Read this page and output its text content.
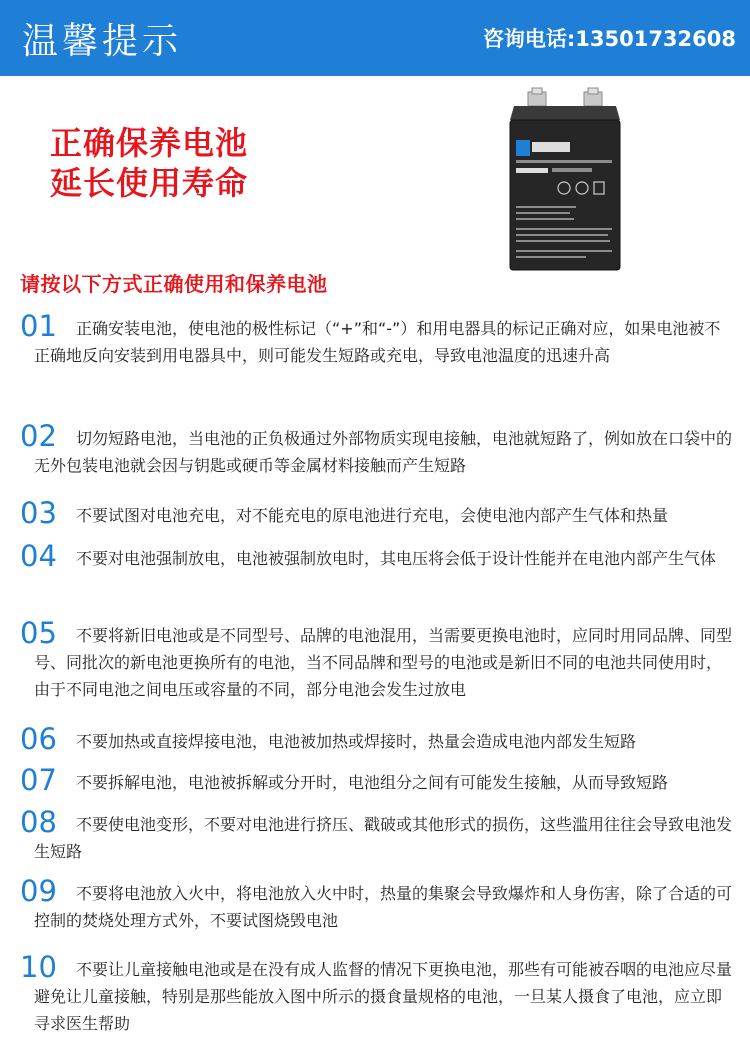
温馨提示	咨询电话:13501732608
正确保养电池
延长使用寿命
请按以下方式正确使用和保养电池
01	正确安装电池，使电池的极性标记（“+”和“-”）和用电器具的标记正确对应，如果电池被不正确地反向安装到用电器具中，则可能发生短路或充电，导致电池温度的迅速升高
02	切勿短路电池，当电池的正负极通过外部物质实现电接触，电池就短路了，例如放在口袋中的无外包装电池就会因与钥匙或硬币等金属材料接触而产生短路
03	不要试图对电池充电，对不能充电的原电池进行充电，会使电池内部产生气体和热量
04	不要对电池强制放电，电池被强制放电时，其电压将会低于设计性能并在电池内部产生气体
05	不要将新旧电池或是不同型号、品牌的电池混用，当需要更换电池时，应同时用同品牌、同型号、同批次的新电池更换所有的电池，当不同品牌和型号的电池或是新旧不同的电池共同使用时，由于不同电池之间电压或容量的不同，部分电池会发生过放电
06	不要加热或直接焊接电池，电池被加热或焊接时，热量会造成电池内部发生短路
07	不要拆解电池，电池被拆解或分开时，电池组分之间有可能发生接触，从而导致短路
08	不要使电池变形，不要对电池进行挤压、戳破或其他形式的损伤，这些滥用往往会导致电池发生短路
09	不要将电池放入火中，将电池放入火中时，热量的集聚会导致爆炸和人身伤害，除了合适的可控制的焚烧处理方式外，不要试图烧毁电池
10	不要让儿童接触电池或是在没有成人监督的情况下更换电池，那些有可能被吞咽的电池应尽量避免让儿童接触，特别是那些能放入图中所示的摄食量规格的电池，一旦某人摄食了电池，应立即寻求医生帮助
